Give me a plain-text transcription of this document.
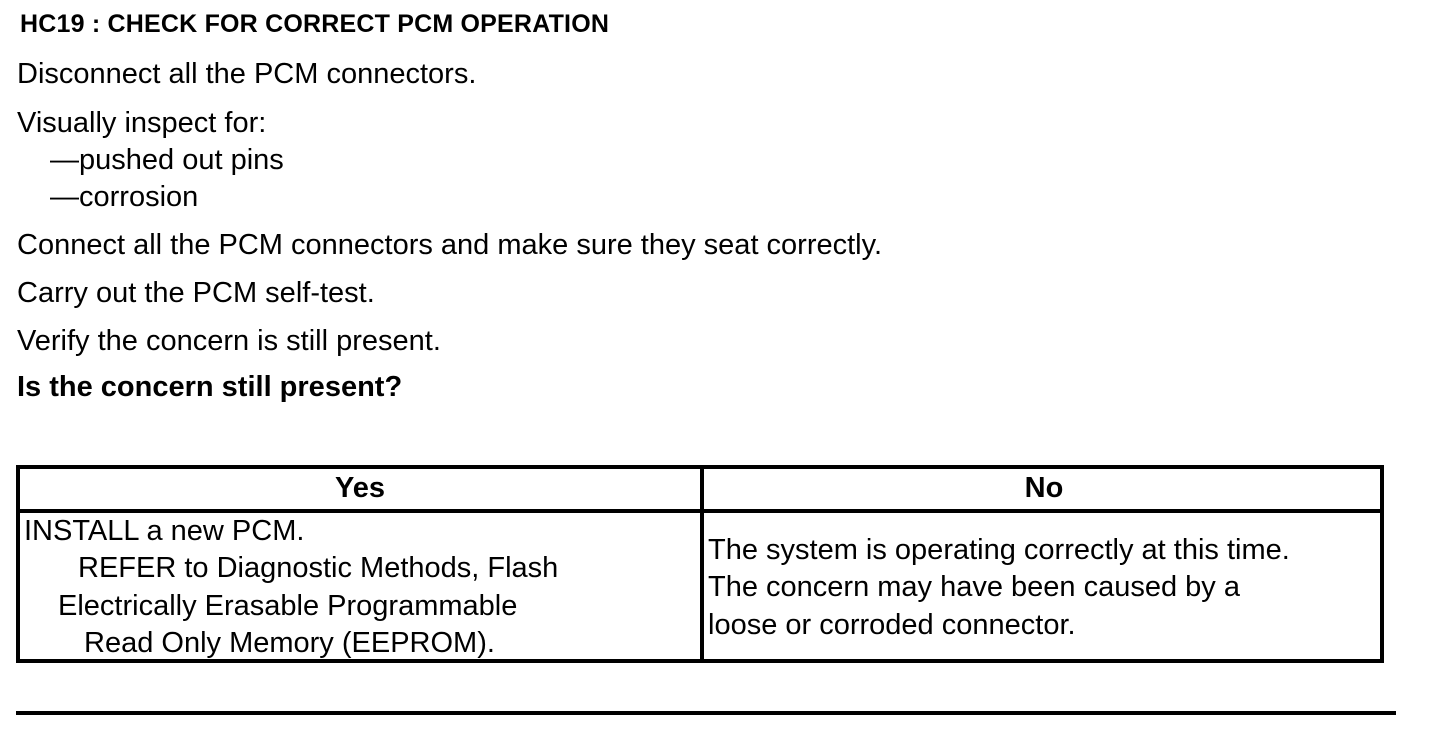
HC19 : CHECK FOR CORRECT PCM OPERATION
Disconnect all the PCM connectors.
Visually inspect for:
—pushed out pins
—corrosion
Connect all the PCM connectors and make sure they seat correctly.
Carry out the PCM self-test.
Verify the concern is still present.
Is the concern still present?
Yes	No
INSTALL a new PCM.
REFER to Diagnostic Methods, Flash
Electrically Erasable Programmable
Read Only Memory (EEPROM).
The system is operating correctly at this time.
The concern may have been caused by a
loose or corroded connector.
